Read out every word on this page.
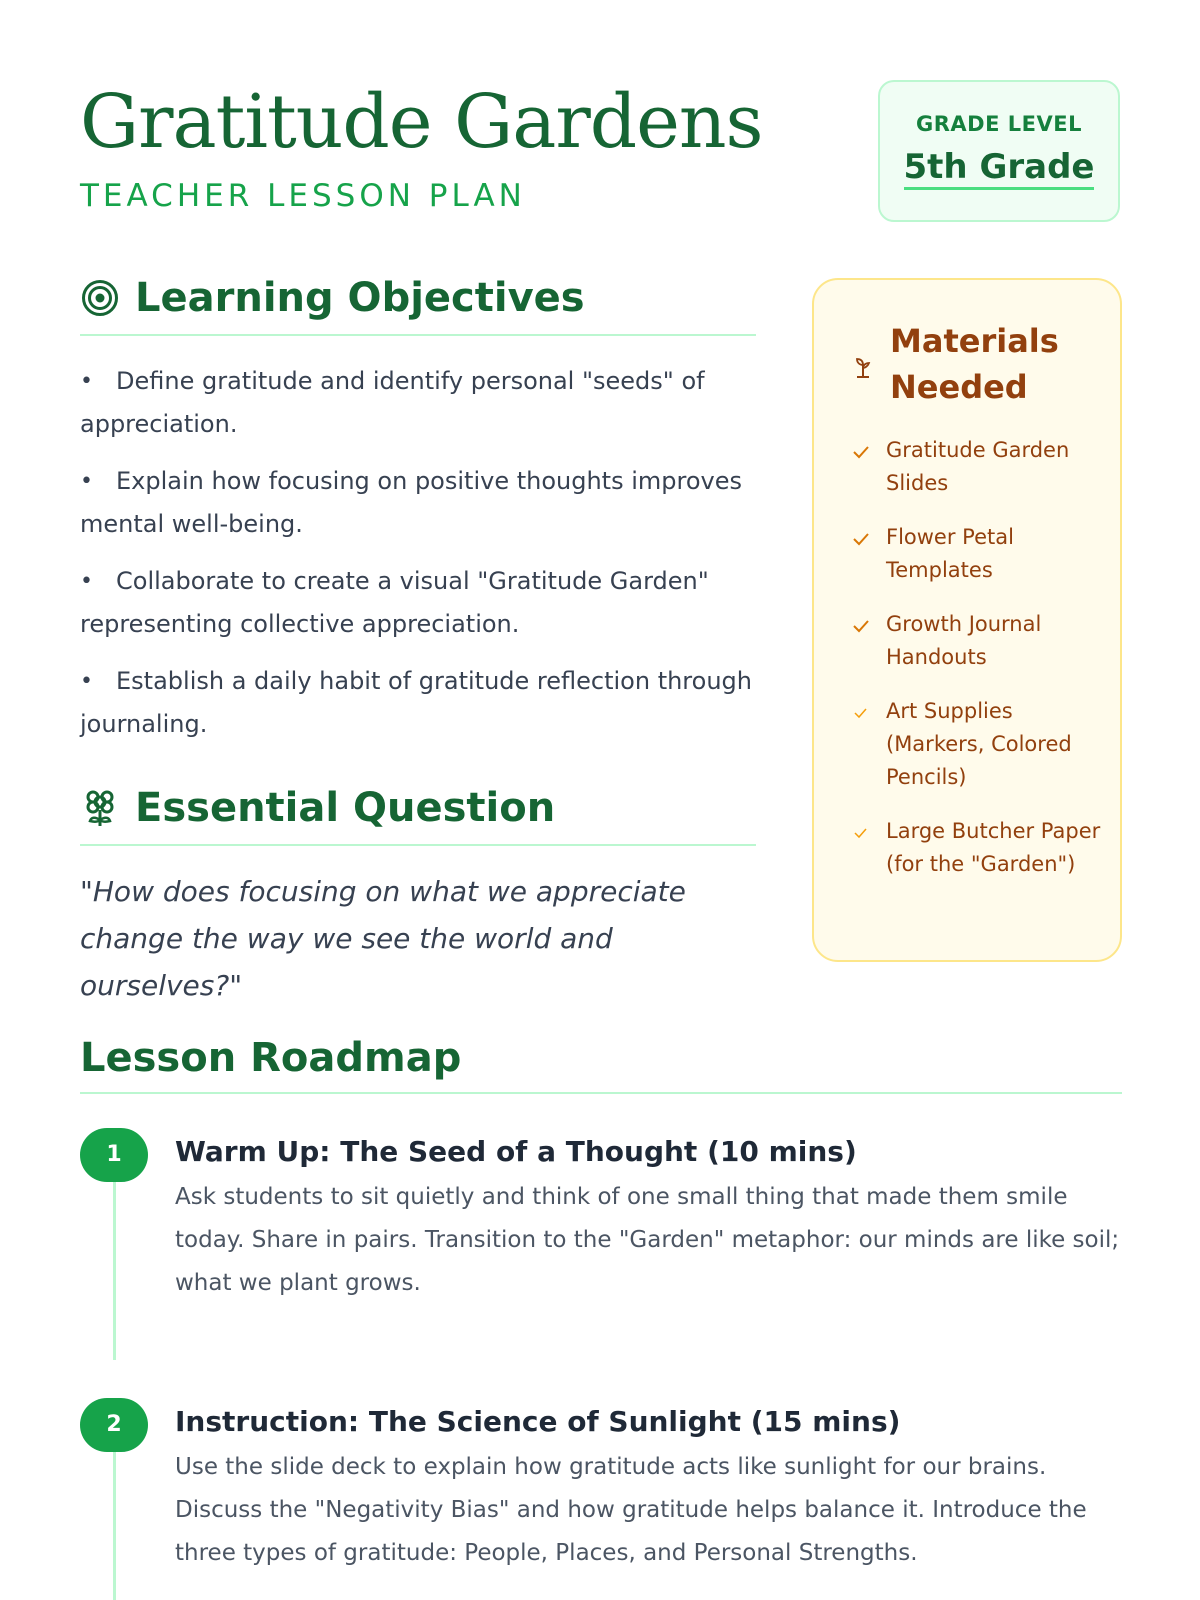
Gratitude Gardens
TEACHER LESSON PLAN
GRADE LEVEL
5th Grade
Learning Objectives
• Define gratitude and identify personal "seeds" of appreciation.
• Explain how focusing on positive thoughts improves mental well-being.
• Collaborate to create a visual "Gratitude Garden" representing collective appreciation.
• Establish a daily habit of gratitude reflection through journaling.
Essential Question

"How does focusing on what we appreciate change the way we see the world and ourselves?"

Materials Needed
Gratitude Garden Slides
Flower Petal Templates
Growth Journal Handouts
Art Supplies (Markers, Colored Pencils)
Large Butcher Paper (for the "Garden")
Lesson Roadmap
1	Warm Up: The Seed of a Thought (10 mins)

Ask students to sit quietly and think of one small thing that made them smile today. Share in pairs. Transition to the "Garden" metaphor: our minds are like soil; what we plant grows.

2	Instruction: The Science of Sunlight (15 mins)

Use the slide deck to explain how gratitude acts like sunlight for our brains. Discuss the "Negativity Bias" and how gratitude helps balance it. Introduce the three types of gratitude: People, Places, and Personal Strengths.
